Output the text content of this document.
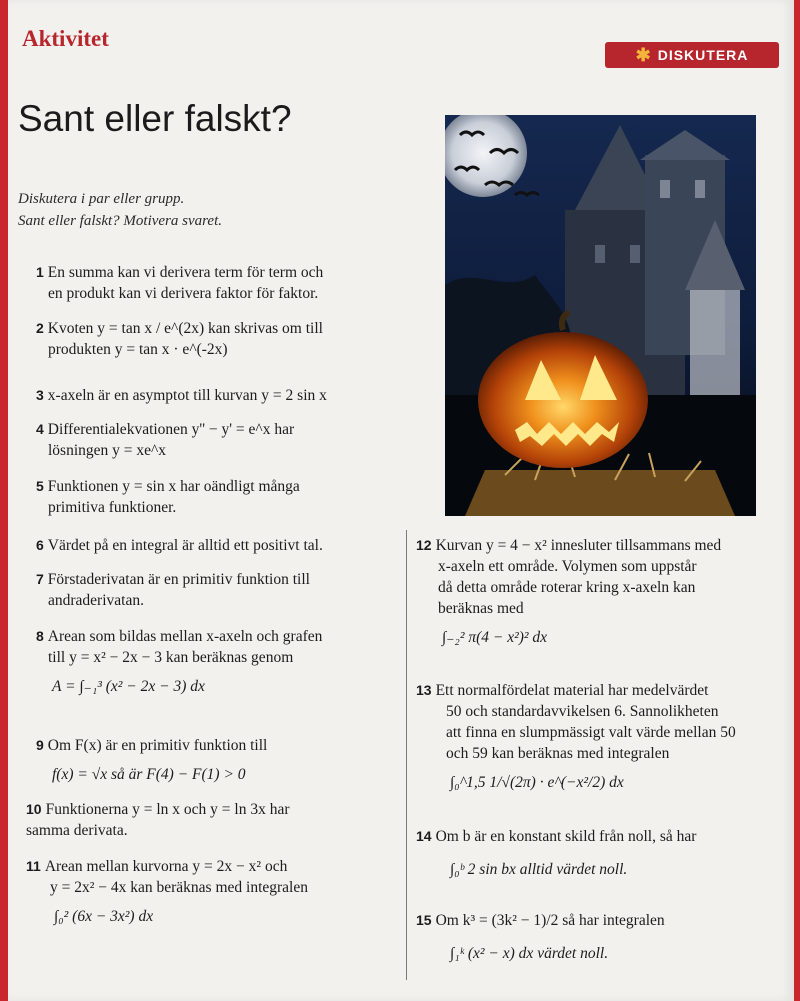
Aktivitet
✱ DISKUTERA
Sant eller falskt?
Diskutera i par eller grupp.
Sant eller falskt? Motivera svaret.
1 En summa kan vi derivera term för term och
en produkt kan vi derivera faktor för faktor.
2 Kvoten y = tan x / e^(2x) kan skrivas om till
produkten y = tan x · e^(-2x)
3 x-axeln är en asymptot till kurvan y = 2 sin x
4 Differentialekvationen y'' − y' = e^x har
lösningen y = xe^x
5 Funktionen y = sin x har oändligt många
primitiva funktioner.
6 Värdet på en integral är alltid ett positivt tal.
7 Förstaderivatan är en primitiv funktion till
andraderivatan.
8 Arean som bildas mellan x-axeln och grafen
till y = x² − 2x − 3 kan beräknas genom
A = ∫₋₁³ (x² − 2x − 3) dx
9 Om F(x) är en primitiv funktion till
f(x) = √x så är F(4) − F(1) > 0
10 Funktionerna y = ln x och y = ln 3x har
samma derivata.
11 Arean mellan kurvorna y = 2x − x² och
y = 2x² − 4x kan beräknas med integralen
∫₀² (6x − 3x²) dx
12 Kurvan y = 4 − x² innesluter tillsammans med
x-axeln ett område. Volymen som uppstår
då detta område roterar kring x-axeln kan
beräknas med
∫₋₂² π(4 − x²)² dx
13 Ett normalfördelat material har medelvärdet
50 och standardavvikelsen 6. Sannolikheten
att finna en slumpmässigt valt värde mellan 50
och 59 kan beräknas med integralen
∫₀^1,5 1/√(2π) · e^(−x²/2) dx
14 Om b är en konstant skild från noll, så har
∫₀ᵇ 2 sin bx alltid värdet noll.
15 Om k³ = (3k² − 1)/2 så har integralen
∫₁ᵏ (x² − x) dx värdet noll.
